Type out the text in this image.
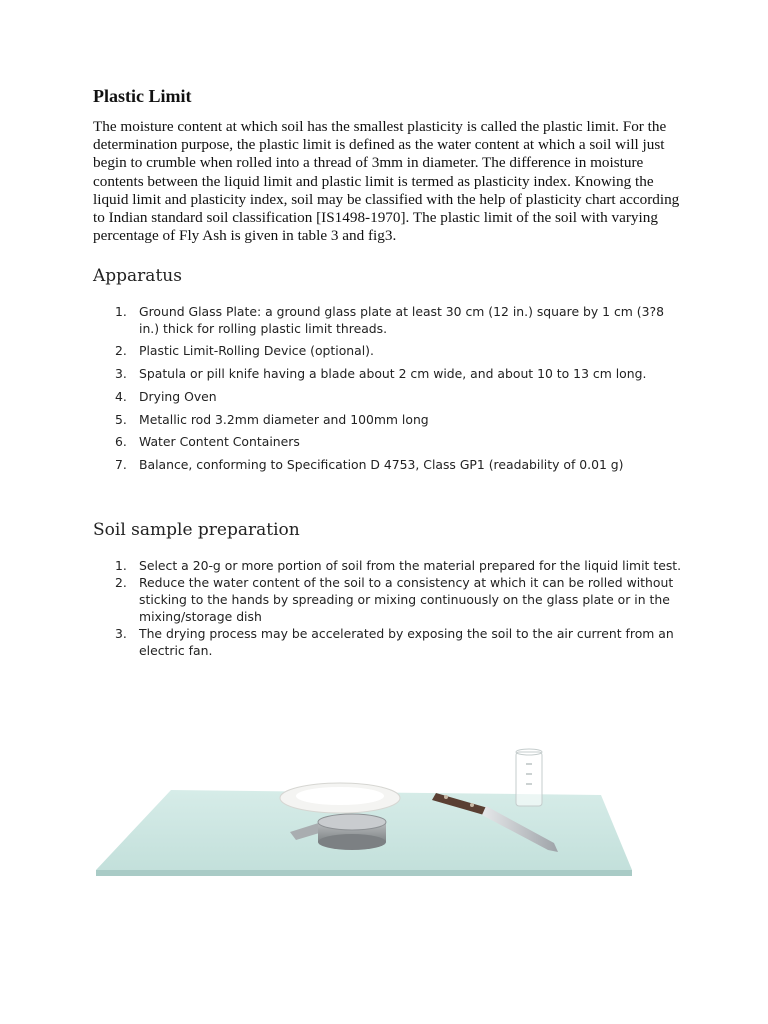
Plastic Limit

The moisture content at which soil has the smallest plasticity is called the plastic limit. For the determination purpose, the plastic limit is defined as the water content at which a soil will just begin to crumble when rolled into a thread of 3mm in diameter. The difference in moisture contents between the liquid limit and plastic limit is termed as plasticity index. Knowing the liquid limit and plasticity index, soil may be classified with the help of plasticity chart according to Indian standard soil classification [IS1498-1970]. The plastic limit of the soil with varying percentage of Fly Ash is given in table 3 and fig3.

Apparatus
1. Ground Glass Plate: a ground glass plate at least 30 cm (12 in.) square by 1 cm (3?8 in.) thick for rolling plastic limit threads.
2. Plastic Limit-Rolling Device (optional).
3. Spatula or pill knife having a blade about 2 cm wide, and about 10 to 13 cm long.
4. Drying Oven
5. Metallic rod 3.2mm diameter and 100mm long
6. Water Content Containers
7. Balance, conforming to Specification D 4753, Class GP1 (readability of 0.01 g)
Soil sample preparation
1. Select a 20-g or more portion of soil from the material prepared for the liquid limit test.
2. Reduce the water content of the soil to a consistency at which it can be rolled without sticking to the hands by spreading or mixing continuously on the glass plate or in the mixing/storage dish
3. The drying process may be accelerated by exposing the soil to the air current from an electric fan.
